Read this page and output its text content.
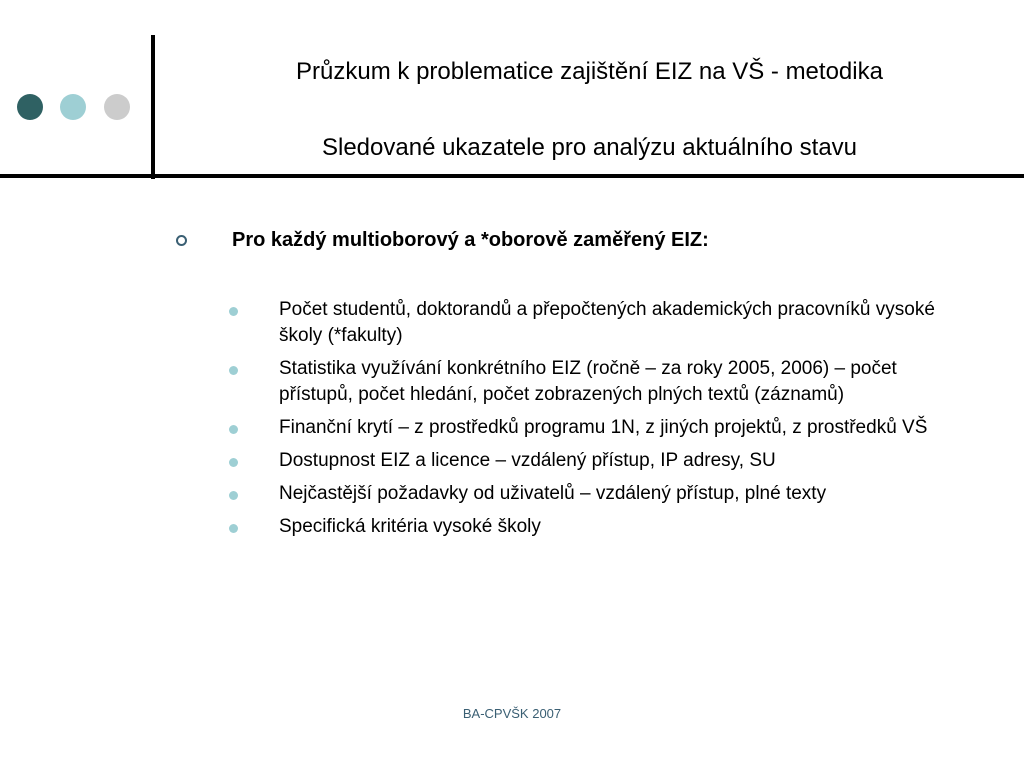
Průzkum k problematice zajištění EIZ na VŠ - metodika
Sledované ukazatele pro analýzu aktuálního stavu
Pro každý multioborový a *oborově zaměřený EIZ:
Počet studentů, doktorandů a přepočtených akademických pracovníků vysoké školy (*fakulty)
Statistika využívání konkrétního EIZ (ročně – za roky 2005, 2006) – počet přístupů, počet hledání, počet zobrazených plných textů (záznamů)
Finanční krytí – z prostředků programu 1N, z jiných projektů, z prostředků VŠ
Dostupnost EIZ a licence – vzdálený přístup, IP adresy, SU
Nejčastější požadavky od uživatelů – vzdálený přístup, plné texty
Specifická kritéria vysoké školy
BA-CPVŠK 2007
